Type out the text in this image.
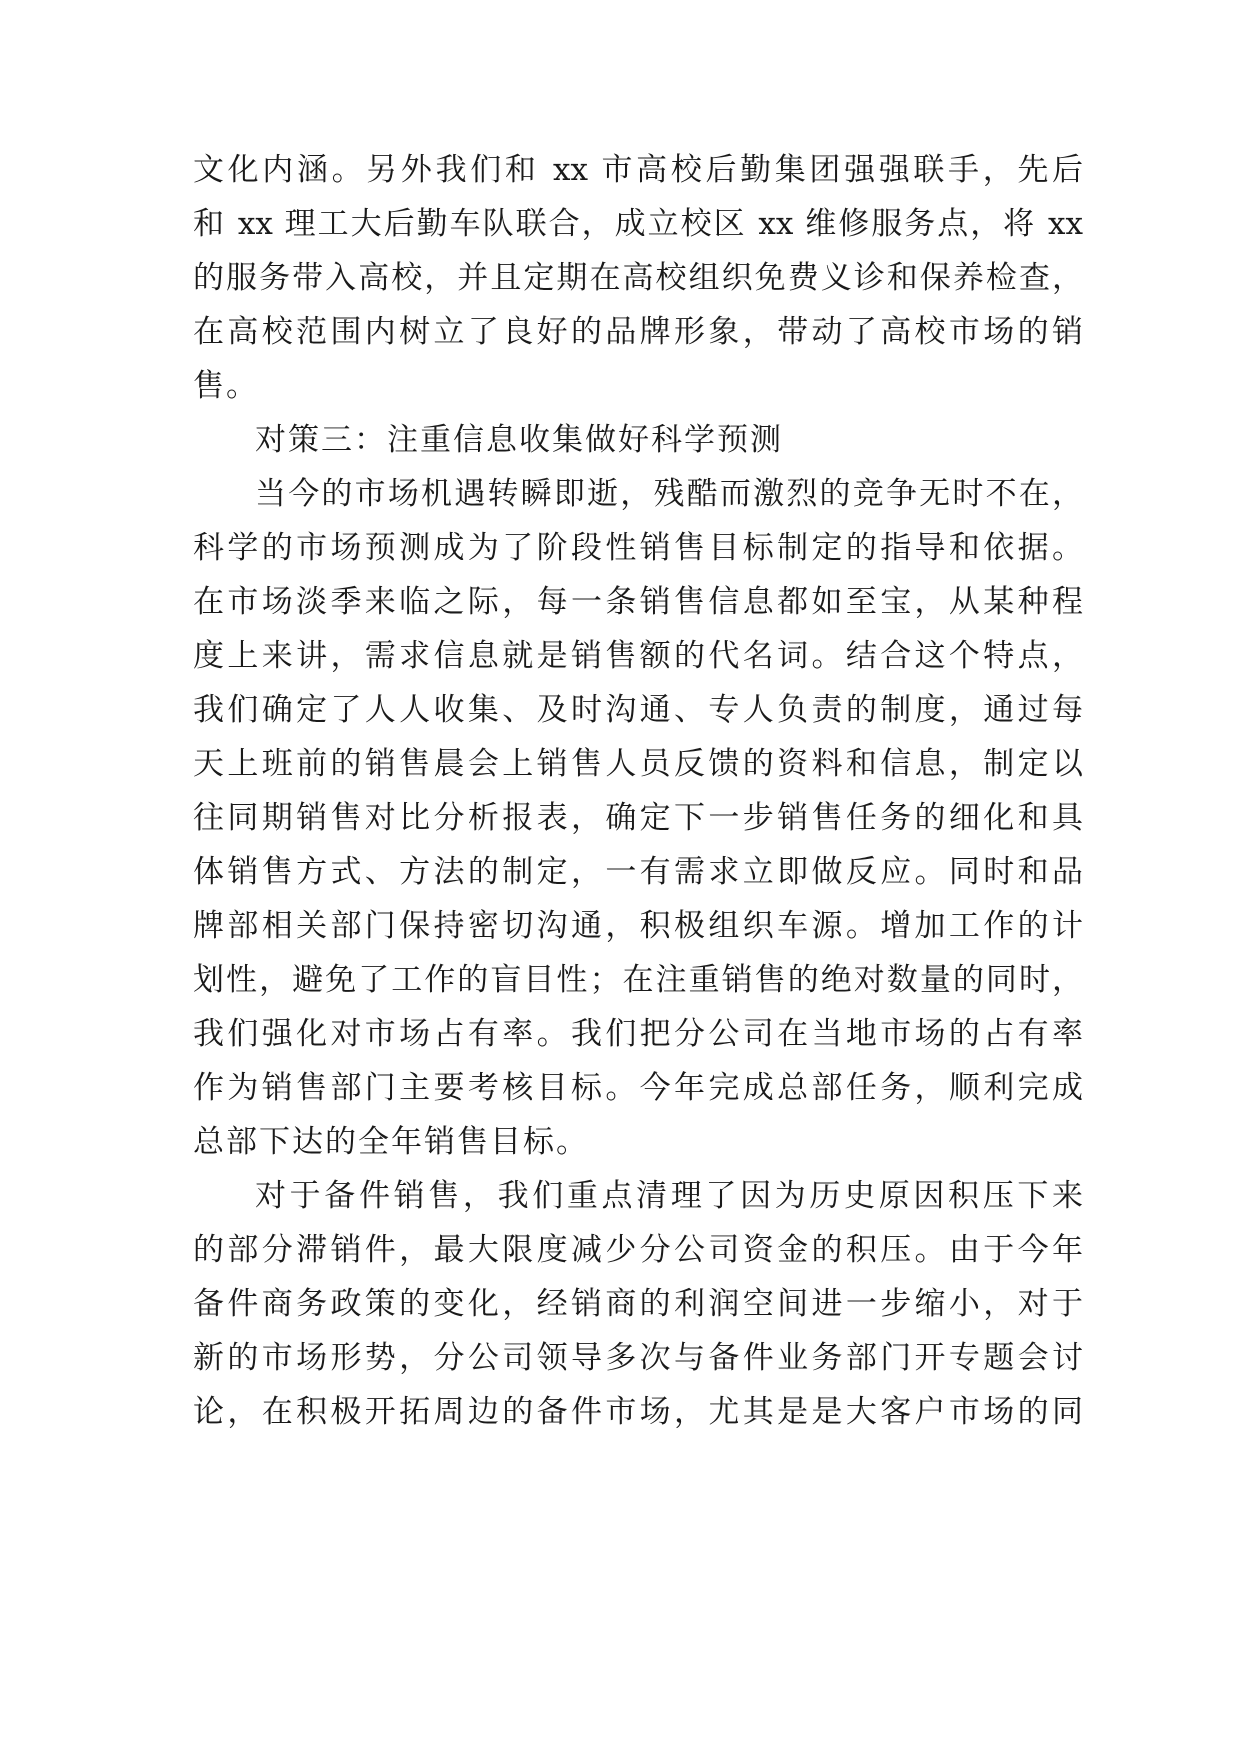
文化内涵。另外我们和 xx 市高校后勤集团强强联手，先后
和 xx 理工大后勤车队联合，成立校区 xx 维修服务点，将 xx
的服务带入高校，并且定期在高校组织免费义诊和保养检查，
在高校范围内树立了良好的品牌形象，带动了高校市场的销
售。
对策三：注重信息收集做好科学预测
当今的市场机遇转瞬即逝，残酷而激烈的竞争无时不在，
科学的市场预测成为了阶段性销售目标制定的指导和依据。
在市场淡季来临之际，每一条销售信息都如至宝，从某种程
度上来讲，需求信息就是销售额的代名词。结合这个特点，
我们确定了人人收集、及时沟通、专人负责的制度，通过每
天上班前的销售晨会上销售人员反馈的资料和信息，制定以
往同期销售对比分析报表，确定下一步销售任务的细化和具
体销售方式、方法的制定，一有需求立即做反应。同时和品
牌部相关部门保持密切沟通，积极组织车源。增加工作的计
划性，避免了工作的盲目性；在注重销售的绝对数量的同时，
我们强化对市场占有率。我们把分公司在当地市场的占有率
作为销售部门主要考核目标。今年完成总部任务，顺利完成
总部下达的全年销售目标。
对于备件销售，我们重点清理了因为历史原因积压下来
的部分滞销件，最大限度减少分公司资金的积压。由于今年
备件商务政策的变化，经销商的利润空间进一步缩小，对于
新的市场形势，分公司领导多次与备件业务部门开专题会讨
论，在积极开拓周边的备件市场，尤其是是大客户市场的同
